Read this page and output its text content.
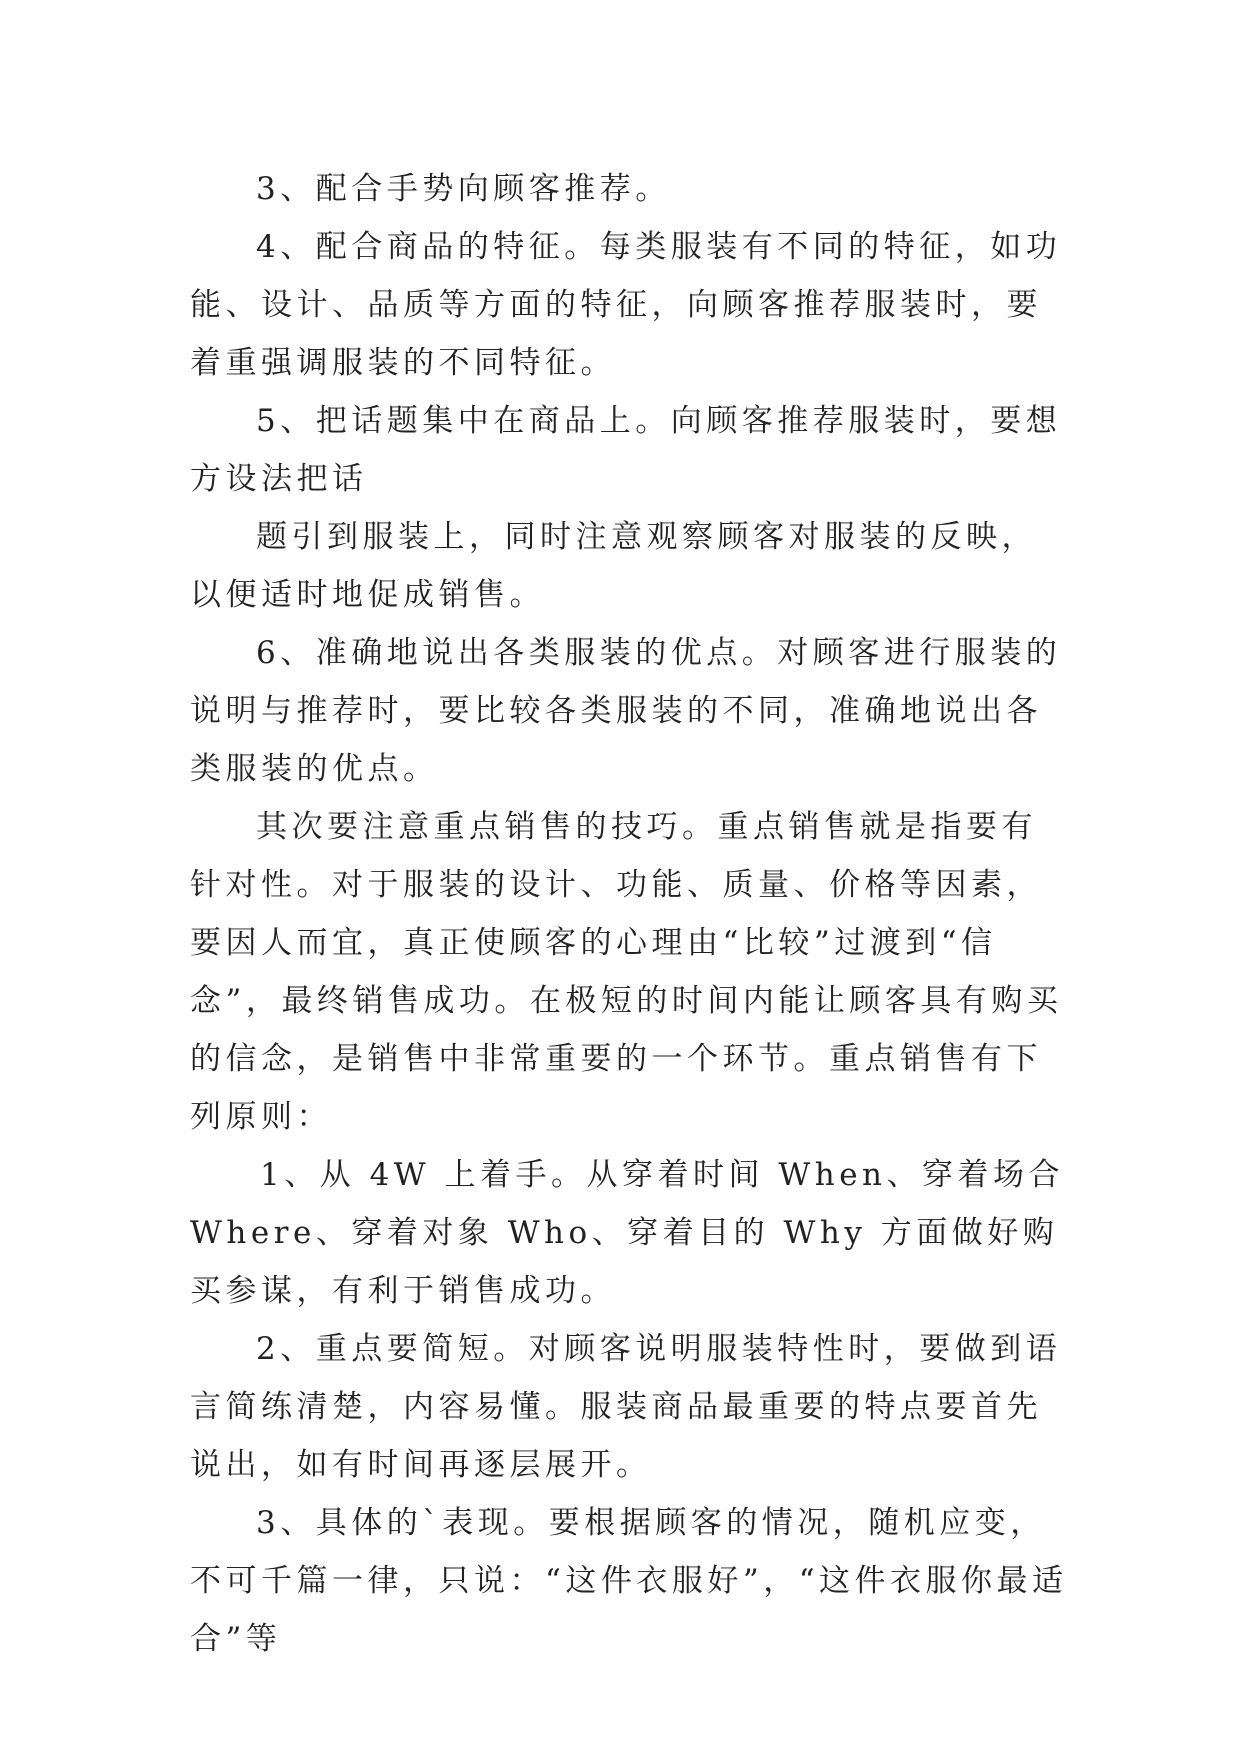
3、配合手势向顾客推荐。

4、配合商品的特征。每类服装有不同的特征，如功能、设计、品质等方面的特征，向顾客推荐服装时，要着重强调服装的不同特征。

5、把话题集中在商品上。向顾客推荐服装时，要想方设法把话

题引到服装上，同时注意观察顾客对服装的反映，以便适时地促成销售。

6、准确地说出各类服装的优点。对顾客进行服装的说明与推荐时，要比较各类服装的不同，准确地说出各类服装的优点。

其次要注意重点销售的技巧。重点销售就是指要有针对性。对于服装的设计、功能、质量、价格等因素，要因人而宜，真正使顾客的心理由“比较”过渡到“信念”，最终销售成功。在极短的时间内能让顾客具有购买的信念，是销售中非常重要的一个环节。重点销售有下列原则：

1、从 4W 上着手。从穿着时间 When、穿着场合 Where、穿着对象 Who、穿着目的 Why 方面做好购买参谋，有利于销售成功。

2、重点要简短。对顾客说明服装特性时，要做到语言简练清楚，内容易懂。服装商品最重要的特点要首先说出，如有时间再逐层展开。

3、具体的`表现。要根据顾客的情况，随机应变，不可千篇一律，只说：“这件衣服好”，“这件衣服你最适合”等
